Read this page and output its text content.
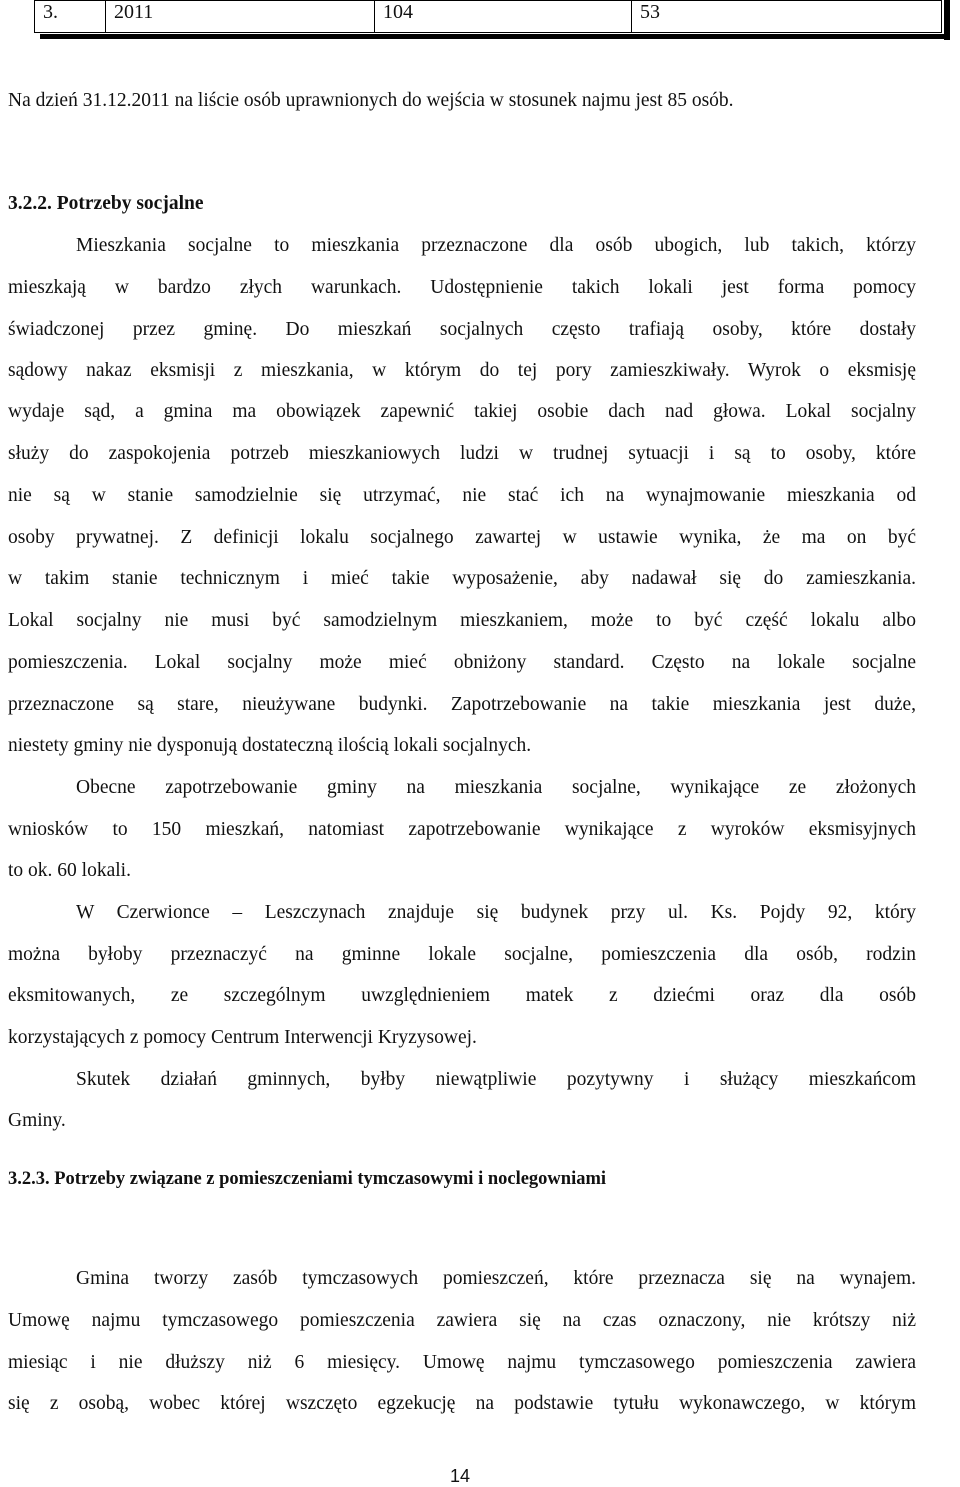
3.	2011	104	53
Na dzień 31.12.2011 na liście osób uprawnionych do wejścia w stosunek najmu jest 85 osób.
3.2.2. Potrzeby socjalne
Mieszkania socjalne to mieszkania przeznaczone dla osób ubogich, lub takich, którzy
mieszkają w bardzo złych warunkach. Udostępnienie takich lokali jest forma pomocy
świadczonej przez gminę. Do mieszkań socjalnych często trafiają osoby, które dostały
sądowy nakaz eksmisji z mieszkania, w którym do tej pory zamieszkiwały. Wyrok o eksmisję
wydaje sąd, a gmina ma obowiązek zapewnić takiej osobie dach nad głowa. Lokal socjalny
służy do zaspokojenia potrzeb mieszkaniowych ludzi w trudnej sytuacji i są to osoby, które
nie są w stanie samodzielnie się utrzymać, nie stać ich na wynajmowanie mieszkania od
osoby prywatnej. Z definicji lokalu socjalnego zawartej w ustawie wynika, że ma on być
w takim stanie technicznym i mieć takie wyposażenie, aby nadawał się do zamieszkania.
Lokal socjalny nie musi być samodzielnym mieszkaniem, może to być część lokalu albo
pomieszczenia. Lokal socjalny może mieć obniżony standard. Często na lokale socjalne
przeznaczone są stare, nieużywane budynki. Zapotrzebowanie na takie mieszkania jest duże,
niestety gminy nie dysponują dostateczną ilością lokali socjalnych.
Obecne zapotrzebowanie gminy na mieszkania socjalne, wynikające ze złożonych
wniosków to 150 mieszkań, natomiast zapotrzebowanie wynikające z wyroków eksmisyjnych
to ok. 60 lokali.
W Czerwionce – Leszczynach znajduje się budynek przy ul. Ks. Pojdy 92, który
można byłoby przeznaczyć na gminne lokale socjalne, pomieszczenia dla osób, rodzin
eksmitowanych, ze szczególnym uwzględnieniem matek z dziećmi oraz dla osób
korzystających z pomocy Centrum Interwencji Kryzysowej.
Skutek działań gminnych, byłby niewątpliwie pozytywny i służący mieszkańcom
Gminy.
3.2.3. Potrzeby związane z pomieszczeniami tymczasowymi i noclegowniami
Gmina tworzy zasób tymczasowych pomieszczeń, które przeznacza się na wynajem.
Umowę najmu tymczasowego pomieszczenia zawiera się na czas oznaczony, nie krótszy niż
miesiąc i nie dłuższy niż 6 miesięcy. Umowę najmu tymczasowego pomieszczenia zawiera
się z osobą, wobec której wszczęto egzekucję na podstawie tytułu wykonawczego, w którym
14
